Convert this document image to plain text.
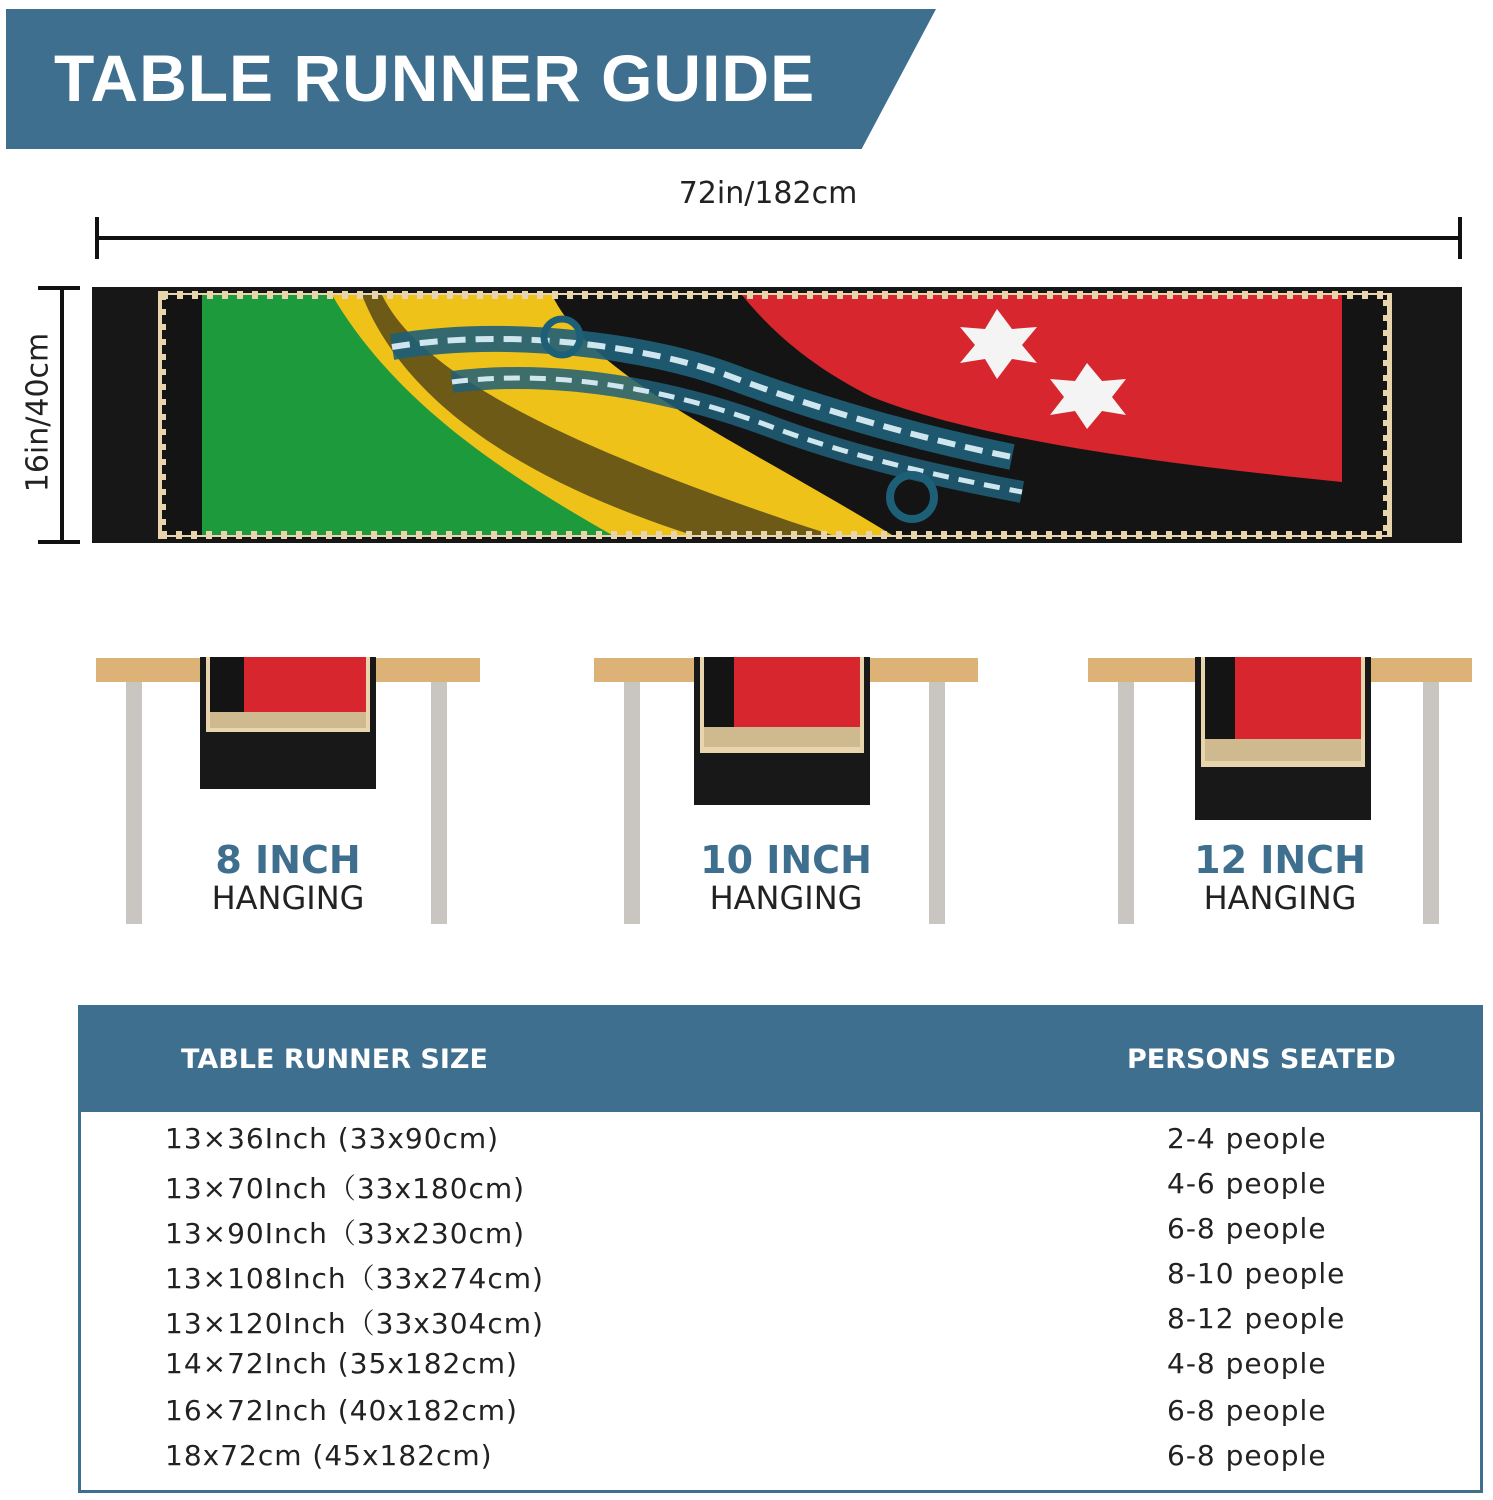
TABLE RUNNER GUIDE
72in/182cm
16in/40cm
8 INCH
HANGING
10 INCH
HANGING
12 INCH
HANGING
TABLE RUNNER SIZE	PERSONS SEATED
13×36Inch (33x90cm)	2-4 people
13×70Inch（33x180cm)	4-6 people
13×90Inch（33x230cm)	6-8 people
13×108Inch（33x274cm)	8-10 people
13×120Inch（33x304cm)	8-12 people
14×72Inch (35x182cm)	4-8 people
16×72Inch (40x182cm)	6-8 people
18x72cm (45x182cm)	6-8 people
